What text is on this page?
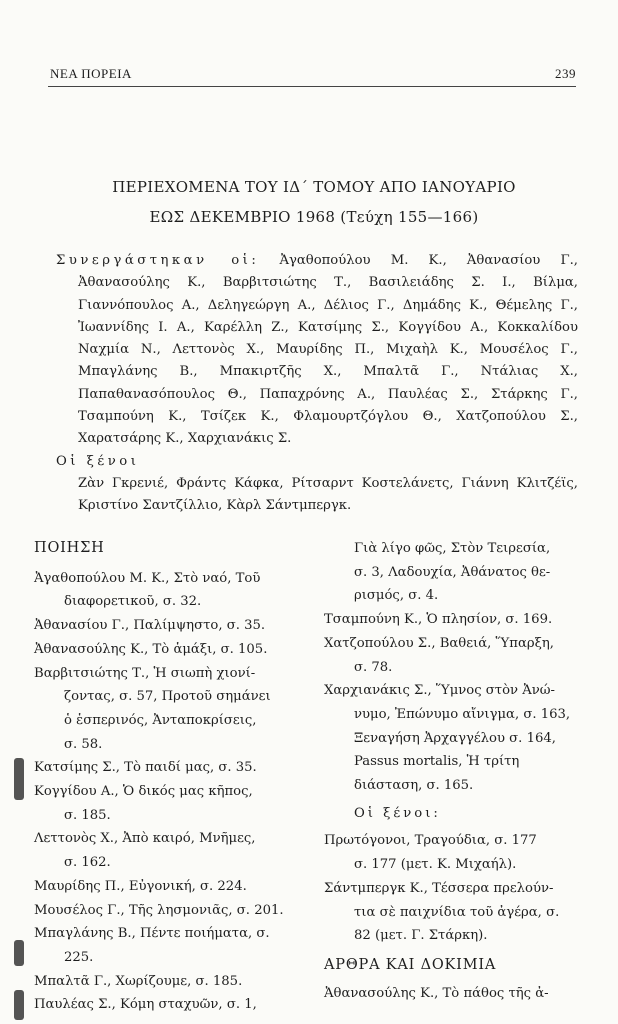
ΝΕΑ ΠΟΡΕΙΑ	239
ΠΕΡΙΕΧΟΜΕΝΑ ΤΟΥ ΙΔ΄ ΤΟΜΟΥ ΑΠΟ ΙΑΝΟΥΑΡΙΟ
ΕΩΣ ΔΕΚΕΜΒΡΙΟ 1968 (Τεύχη 155—166)

Συνεργάστηκαν οἱ: Ἀγαθοπούλου Μ. Κ., Ἀθανασίου Γ., Ἀθανασούλης Κ., Βαρβιτσιώτης Τ., Βασιλειάδης Σ. Ι., Βίλμα, Γιαννόπουλος Α., Δεληγεώργη Α., Δέλιος Γ., Δημάδης Κ., Θέμελης Γ., Ἰωαννίδης Ι. Α., Καρέλλη Ζ., Κατσίμης Σ., Κογγίδου Α., Κοκκαλίδου Ναχμία Ν., Λεττονὸς Χ., Μαυρίδης Π., Μιχαὴλ Κ., Μουσέλος Γ., Μπαγλάνης Β., Μπακιρτζῆς Χ., Μπαλτᾶ Γ., Ντάλιας Χ., Παπαθανασόπουλος Θ., Παπαχρόνης Α., Παυλέας Σ., Στάρκης Γ., Τσαμπούνη Κ., Τσίζεκ Κ., Φλαμουρτζόγλου Θ., Χατζοπούλου Σ., Χαρατσάρης Κ., Χαρχιανάκις Σ.

Οἱ ξένοι

Ζὰν Γκρενιέ, Φράντς Κάφκα, Ρίτσαρντ Κοστελάνετς, Γιάννη Κλιτζέϊς, Κριστίνο Σαντζίλλιο, Κὰρλ Σάντμπεργκ.

ΠΟΙΗΣΗ
Ἀγαθοπούλου Μ. Κ., Στὸ ναό, Τοῦ
διαφορετικοῦ, σ. 32.
Ἀθανασίου Γ., Παλίμψηστο, σ. 35.
Ἀθανασούλης Κ., Τὸ ἁμάξι, σ. 105.
Βαρβιτσιώτης Τ., Ἡ σιωπὴ χιονί-
ζοντας, σ. 57, Προτοῦ σημάνει
ὁ ἑσπερινός, Ἀνταποκρίσεις,
σ. 58.
Κατσίμης Σ., Τὸ παιδί μας, σ. 35.
Κογγίδου Α., Ὁ δικός μας κῆπος,
σ. 185.
Λεττονὸς Χ., Ἀπὸ καιρό, Μνῆμες,
σ. 162.
Μαυρίδης Π., Εὐγονική, σ. 224.
Μουσέλος Γ., Τῆς λησμονιᾶς, σ. 201.
Μπαγλάνης Β., Πέντε ποιήματα, σ.
225.
Μπαλτᾶ Γ., Χωρίζουμε, σ. 185.
Παυλέας Σ., Κόμη σταχυῶν, σ. 1,
Γιὰ λίγο φῶς, Στὸν Τειρεσία,
σ. 3, Λαδουχία, Ἀθάνατος θε-
ρισμός, σ. 4.
Τσαμπούνη Κ., Ὁ πλησίον, σ. 169.
Χατζοπούλου Σ., Βαθειά, Ὕπαρξη,
σ. 78.
Χαρχιανάκις Σ., Ὕμνος στὸν Ἀνώ-
νυμο, Ἐπώνυμο αἴνιγμα, σ. 163,
Ξεναγήση Ἀρχαγγέλου σ. 164,
Passus mortalis, Ἡ τρίτη
διάσταση, σ. 165.
Οἱ ξένοι:
Πρωτόγονοι, Τραγούδια, σ. 177
σ. 177 (μετ. Κ. Μιχαήλ).
Σάντμπεργκ Κ., Τέσσερα πρελούν-
τια σὲ παιχνίδια τοῦ ἀγέρα, σ.
82 (μετ. Γ. Στάρκη).
ΑΡΘΡΑ ΚΑΙ ΔΟΚΙΜΙΑ
Ἀθανασούλης Κ., Τὸ πάθος τῆς ἀ-
